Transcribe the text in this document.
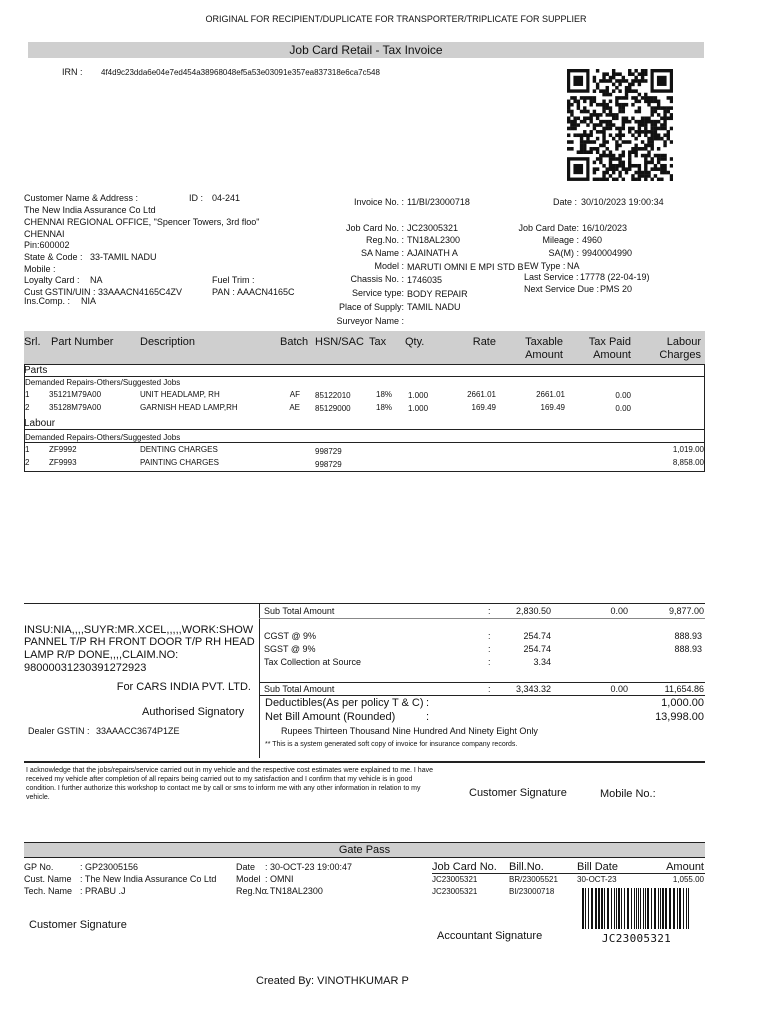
ORIGINAL FOR RECIPIENT/DUPLICATE FOR TRANSPORTER/TRIPLICATE FOR SUPPLIER
Job Card Retail - Tax Invoice
IRN : 4f4d9c23dda6e04e7ed454a38968048ef5a53e03091e357ea837318e6ca7c548
Customer Name & Address :	ID : 04-241
The New India Assurance Co Ltd
CHENNAI REGIONAL OFFICE, "Spencer Towers, 3rd floo"
CHENNAI
Pin:600002
State & Code : 33-TAMIL NADU
Mobile :
Loyalty Card : NA	Fuel Trim :
Cust GSTIN/UIN : 33AAACN4165C4ZV	PAN : AAACN4165C
Ins.Comp. : NIA
Invoice No. : 11/BI/23000718	Date : 30/10/2023 19:00:34
Job Card No. : JC23005321
Reg.No. : TN18AL2300
SA Name : AJAINATH A
Model : MARUTI OMNI E MPI STD B
Chassis No. : 1746035
Service type: BODY REPAIR
Place of Supply: TAMIL NADU
Surveyor Name :
Job Card Date: 16/10/2023
Mileage : 4960
SA(M) : 9940004990
EW Type : NA
Last Service : 17778 (22-04-19)
Next Service Due : PMS 20
Srl. Part Number Description	Batch HSN/SAC Tax Qty.	Rate	Taxable
Amount
Tax Paid
Amount
Labour
Charges
Parts
Demanded Repairs-Others/Suggested Jobs
1 35121M79A00	UNIT HEADLAMP, RH	AF 85122010	18% 1.000	2661.01	2661.01	0.00
2 35128M79A00	GARNISH HEAD LAMP,RH	AE 85129000	18% 1.000	169.49	169.49	0.00
Labour
Demanded Repairs-Others/Suggested Jobs
1 ZF9992	DENTING CHARGES	998729	1,019.00
2 ZF9993	PAINTING CHARGES	998729	8,858.00
Sub Total Amount	:	2,830.50	0.00	9,877.00
INSU:NIA,,,,SUYR:MR.XCEL,,,,,WORK:SHOW
PANNEL T/P RH FRONT DOOR T/P RH HEAD
LAMP R/P DONE,,,,CLAIM.NO:
98000031230391272923
CGST @ 9%	:	254.74	888.93
SGST @ 9%	:	254.74	888.93
Tax Collection at Source	:	3.34
For CARS INDIA PVT. LTD. Sub Total Amount	:	3,343.32	0.00	11,654.86
Deductibles(As per policy T & C) :	1,000.00
Authorised Signatory Net Bill Amount (Rounded)	:	13,998.00
Dealer GSTIN : 33AAACC3674P1ZE	Rupees Thirteen Thousand Nine Hundred And Ninety Eight Only
** This is a system generated soft copy of invoice for insurance company records.
I acknowledge that the jobs/repairs/service carried out in my vehicle and the respective cost estimates were explained to me. I have
received my vehicle after completion of all repairs being carried out to my satisfaction and I confirm that my vehicle is in good
condition. I further authorize this workshop to contact me by call or sms to inform me with any other information in relation to my
vehicle.	Customer Signature	Mobile No.:
Gate Pass
GP No.	: GP23005156
Cust. Name : The New India Assurance Co Ltd
Tech. Name : PRABU .J
Date : 30-OCT-23 19:00:47
Model : OMNI
Reg.No.
: TN18AL2300
Job Card No. Bill.No.	Bill Date	Amount
JC23005321	BR/23005521 30-OCT-23	1,055.00
JC23005321	BI/23000718
JC23005321
Customer Signature
Accountant Signature
Created By: VINOTHKUMAR P
